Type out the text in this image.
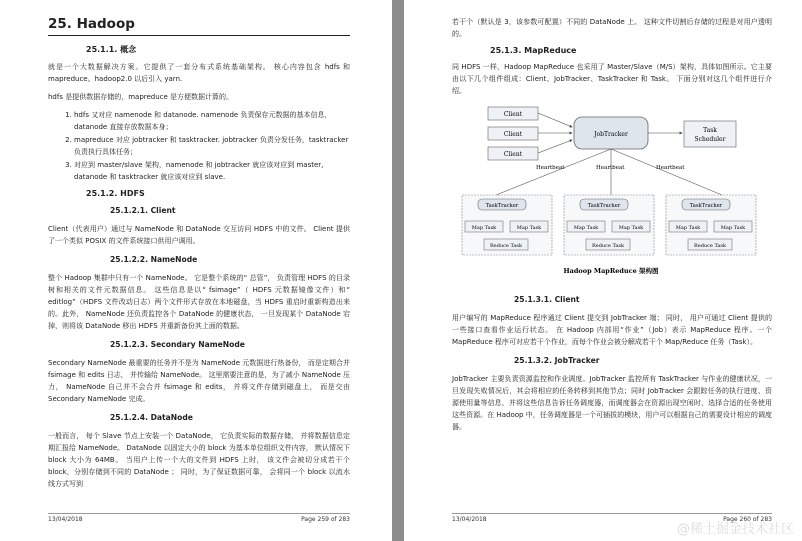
25. Hadoop
25.1.1. 概念

就是一个大数据解决方案。它提供了一套分布式系统基础架构。 核心内容包含 hdfs 和 mapreduce。hadoop2.0 以后引入 yarn.

hdfs 是提供数据存储的，mapreduce 是方便数据计算的。

1. hdfs 又对应 namenode 和 datanode. namenode 负责保存元数据的基本信息，datanode 直接存放数据本身；
2. mapreduce 对应 jobtracker 和 tasktracker. jobtracker 负责分发任务，tasktracker 负责执行具体任务；
3. 对应到 master/slave 架构，namenode 和 jobtracker 就应该对应到 master, datanode 和 tasktracker 就应该对应到 slave.
25.1.2. HDFS
25.1.2.1. Client

Client（代表用户）通过与 NameNode 和 DataNode 交互访问 HDFS 中的文件。 Client 提供了一个类似 POSIX 的文件系统接口供用户调用。

25.1.2.2. NameNode

整个 Hadoop 集群中只有一个 NameNode。 它是整个系统的“ 总管”， 负责管理 HDFS 的目录树和相关的文件元数据信息。 这些信息是以“ fsimage”（ HDFS 元数据镜像文件）和“ editlog”（HDFS 文件改动日志）两个文件形式存放在本地磁盘，当 HDFS 重启时重新构造出来的。此外， NameNode 还负责监控各个 DataNode 的健康状态， 一旦发现某个 DataNode 宕掉，则将该 DataNode 移出 HDFS 并重新备份其上面的数据。

25.1.2.3. Secondary NameNode

Secondary NameNode 最重要的任务并不是为 NameNode 元数据进行热备份， 而是定期合并 fsimage 和 edits 日志， 并传输给 NameNode。 这里需要注意的是，为了减小 NameNode 压力， NameNode 自己并不会合并 fsimage 和 edits， 并将文件存储到磁盘上， 而是交由 Secondary NameNode 完成。

25.1.2.4. DataNode

一般而言， 每个 Slave 节点上安装一个 DataNode， 它负责实际的数据存储， 并将数据信息定期汇报给 NameNode。 DataNode 以固定大小的 block 为基本单位组织文件内容， 默认情况下 block 大小为 64MB。 当用户上传一个大的文件到 HDFS 上时， 该文件会被切分成若干个 block，分别存储到不同的 DataNode ； 同时，为了保证数据可靠， 会将同一个 block 以流水线方式写到

13/04/2018	Page 259 of 283

若干个（默认是 3，该参数可配置）不同的 DataNode 上。 这种文件切割后存储的过程是对用户透明的。

25.1.3. MapReduce

同 HDFS 一样，Hadoop MapReduce 也采用了 Master/Slave（M/S）架构，具体如图所示。它主要由以下几个组件组成：Client、JobTracker、TaskTracker 和 Task。 下面分别对这几个组件进行介绍。

Client
Client
Client
JobTracker
Task
Scheduler
Heartbeat	Heartbeat	Heartbeat
TaskTracker
Map Task	Map Task
Reduce Task
TaskTracker
Map Task	Map Task
Reduce Task
TaskTracker
Map Task	Map Task
Reduce Task
Hadoop MapReduce 架构图
25.1.3.1. Client

用户编写的 MapReduce 程序通过 Client 提交到 JobTracker 端； 同时， 用户可通过 Client 提供的一些接口查看作业运行状态。 在 Hadoop 内部用“作业”（Job）表示 MapReduce 程序。一个 MapReduce 程序可对应若干个作业，而每个作业会被分解成若干个 Map/Reduce 任务（Task）。

25.1.3.2. JobTracker

JobTracker 主要负责资源监控和作业调度。JobTracker 监控所有 TaskTracker 与作业的健康状况，一旦发现失败情况后，其会将相应的任务转移到其他节点；同时 JobTracker 会跟踪任务的执行进度、资源使用量等信息，并将这些信息告诉任务调度器，而调度器会在资源出现空闲时，选择合适的任务使用这些资源。在 Hadoop 中，任务调度器是一个可插拔的模块，用户可以根据自己的需要设计相应的调度器。

13/04/2018	Page 260 of 283
@稀土掘金技术社区
